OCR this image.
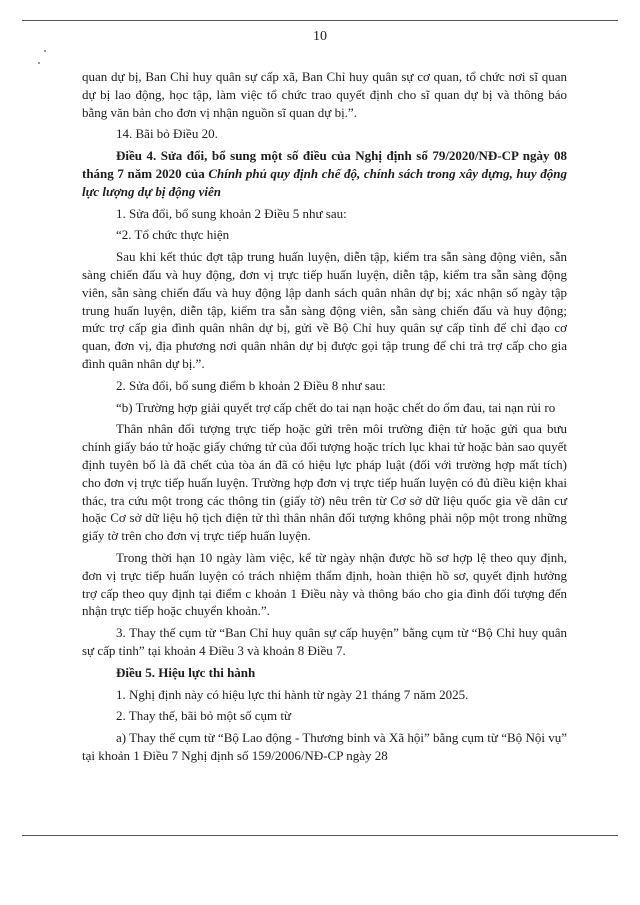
10

quan dự bị, Ban Chỉ huy quân sự cấp xã, Ban Chỉ huy quân sự cơ quan, tổ chức nơi sĩ quan dự bị lao động, học tập, làm việc tổ chức trao quyết định cho sĩ quan dự bị và thông báo bằng văn bản cho đơn vị nhận nguồn sĩ quan dự bị.”.

14. Bãi bỏ Điều 20.

Điều 4. Sửa đổi, bổ sung một số điều của Nghị định số 79/2020/NĐ-CP ngày 08 tháng 7 năm 2020 của Chính phủ quy định chế độ, chính sách trong xây dựng, huy động lực lượng dự bị động viên

1. Sửa đổi, bổ sung khoản 2 Điều 5 như sau:

“2. Tổ chức thực hiện

Sau khi kết thúc đợt tập trung huấn luyện, diễn tập, kiểm tra sẵn sàng động viên, sẵn sàng chiến đấu và huy động, đơn vị trực tiếp huấn luyện, diễn tập, kiểm tra sẵn sàng động viên, sẵn sàng chiến đấu và huy động lập danh sách quân nhân dự bị; xác nhận số ngày tập trung huấn luyện, diễn tập, kiểm tra sẵn sàng động viên, sẵn sàng chiến đấu và huy động; mức trợ cấp gia đình quân nhân dự bị, gửi về Bộ Chỉ huy quân sự cấp tỉnh để chỉ đạo cơ quan, đơn vị, địa phương nơi quân nhân dự bị được gọi tập trung để chi trả trợ cấp cho gia đình quân nhân dự bị.”.

2. Sửa đổi, bổ sung điểm b khoản 2 Điều 8 như sau:

“b) Trường hợp giải quyết trợ cấp chết do tai nạn hoặc chết do ốm đau, tai nạn rủi ro

Thân nhân đối tượng trực tiếp hoặc gửi trên môi trường điện tử hoặc gửi qua bưu chính giấy báo tử hoặc giấy chứng tử của đối tượng hoặc trích lục khai tử hoặc bản sao quyết định tuyên bố là đã chết của tòa án đã có hiệu lực pháp luật (đối với trường hợp mất tích) cho đơn vị trực tiếp huấn luyện. Trường hợp đơn vị trực tiếp huấn luyện có đủ điều kiện khai thác, tra cứu một trong các thông tin (giấy tờ) nêu trên từ Cơ sở dữ liệu quốc gia về dân cư hoặc Cơ sở dữ liệu hộ tịch điện tử thì thân nhân đối tượng không phải nộp một trong những giấy tờ trên cho đơn vị trực tiếp huấn luyện.

Trong thời hạn 10 ngày làm việc, kể từ ngày nhận được hồ sơ hợp lệ theo quy định, đơn vị trực tiếp huấn luyện có trách nhiệm thẩm định, hoàn thiện hồ sơ, quyết định hưởng trợ cấp theo quy định tại điểm c khoản 1 Điều này và thông báo cho gia đình đối tượng đến nhận trực tiếp hoặc chuyển khoản.”.

3. Thay thế cụm từ “Ban Chỉ huy quân sự cấp huyện” bằng cụm từ “Bộ Chỉ huy quân sự cấp tỉnh” tại khoản 4 Điều 3 và khoản 8 Điều 7.

Điều 5. Hiệu lực thi hành

1. Nghị định này có hiệu lực thi hành từ ngày 21 tháng 7 năm 2025.

2. Thay thế, bãi bỏ một số cụm từ

a) Thay thế cụm từ “Bộ Lao động - Thương binh và Xã hội” bằng cụm từ “Bộ Nội vụ” tại khoản 1 Điều 7 Nghị định số 159/2006/NĐ-CP ngày 28
